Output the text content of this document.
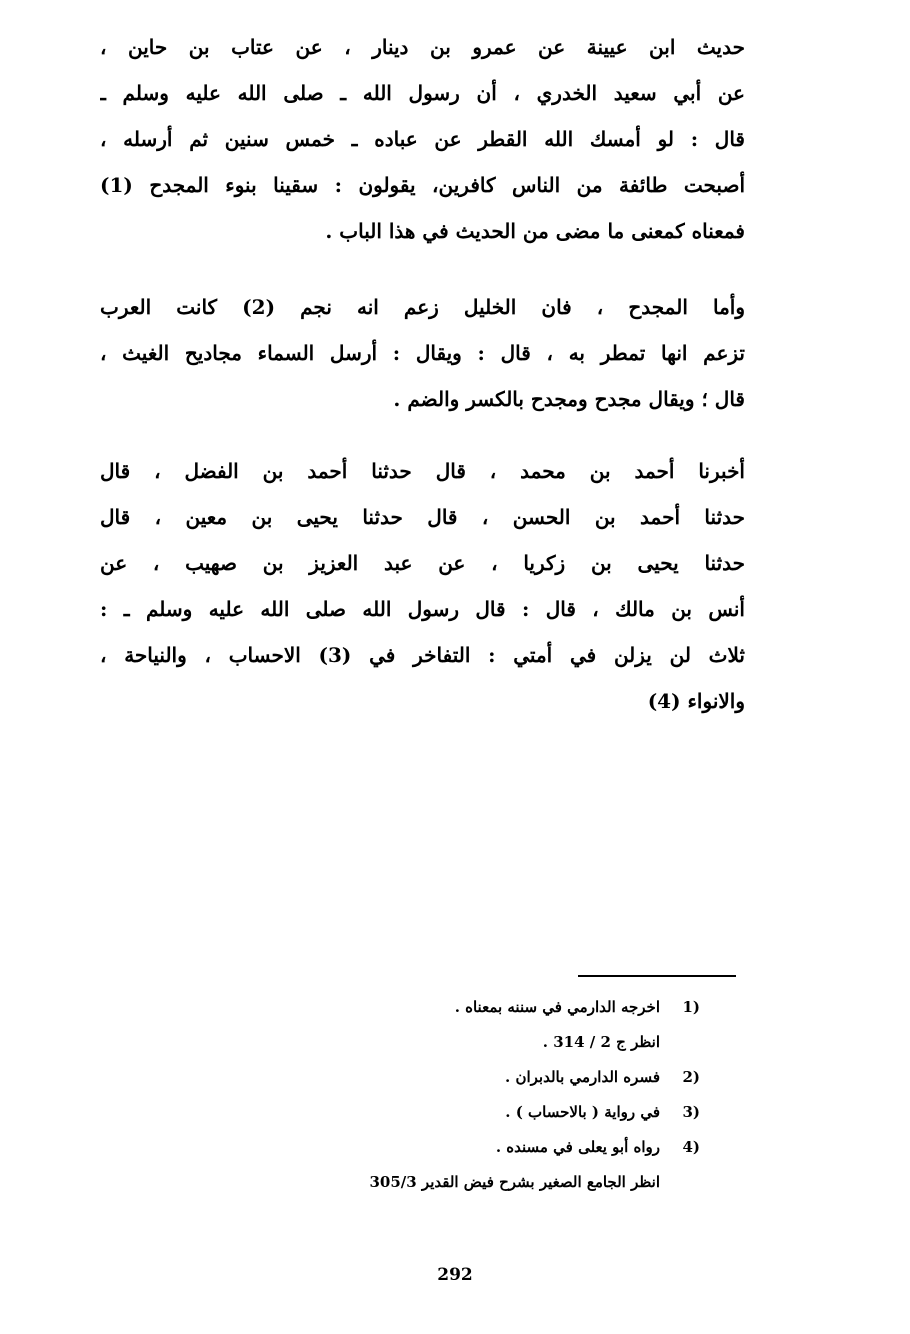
حديث ابن عيينة عن عمرو بن دينار ، عن عتاب بن حاين ،
عن أبي سعيد الخدري ، أن رسول الله ـ صلى الله عليه وسلم ـ
قال : لو أمسك الله القطر عن عباده ـ خمس سنين ثم أرسله ،
أصبحت طائفة من الناس كافرين، يقولون : سقينا بنوء المجدح (1)
فمعناه كمعنى ما مضى من الحديث في هذا الباب .
وأما المجدح ، فان الخليل زعم انه نجم (2) كانت العرب
تزعم انها تمطر به ، قال : ويقال : أرسل السماء مجاديح الغيث ،
قال ؛ ويقال مجدح ومجدح بالكسر والضم .
أخبرنا أحمد بن محمد ، قال حدثنا أحمد بن الفضل ، قال
حدثنا أحمد بن الحسن ، قال حدثنا يحيى بن معين ، قال
حدثنا يحيى بن زكريا ، عن عبد العزيز بن صهيب ، عن
أنس بن مالك ، قال : قال رسول الله صلى الله عليه وسلم ـ :
ثلاث لن يزلن في أمتي : التفاخر في (3) الاحساب ، والنياحة ،
والانواء (4)
1)
اخرجه الدارمي في سننه بمعناه .
انظر ج 2 / 314 .
2)
فسره الدارمي بالدبران .
3)
في رواية ( بالاحساب ) .
4)
رواه أبو يعلى في مسنده .
انظر الجامع الصغير بشرح فيض القدير 305/3
292
